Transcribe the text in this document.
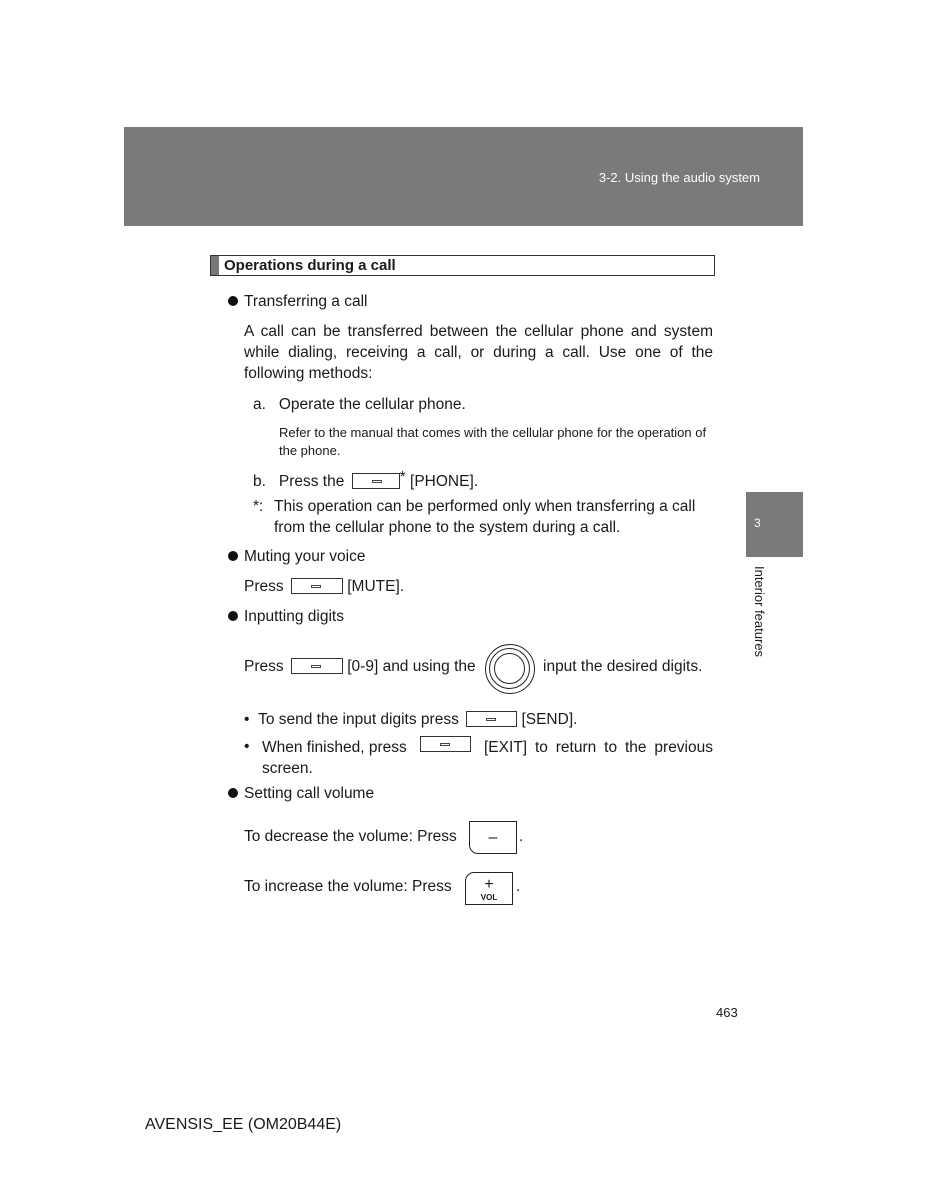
3-2. Using the audio system
3
Interior features
Operations during a call
Transferring a call
A call can be transferred between the cellular phone and system while dialing, receiving a call, or during a call. Use one of the following methods:
a. Operate the cellular phone.
Refer to the manual that comes with the cellular phone for the operation of the phone.
b. Press the	* [PHONE].
*: This operation can be performed only when transferring a call from the cellular phone to the system during a call.
Muting your voice
Press	[MUTE].
Inputting digits
Press	[0-9] and using the	input the desired digits.
• To send the input digits press	[SEND].
• When finished, press	[EXIT] to return to the previous
screen.
Setting call volume
To decrease the volume: Press	–	.
To increase the volume: Press	+
VOL
.
463
AVENSIS_EE (OM20B44E)
